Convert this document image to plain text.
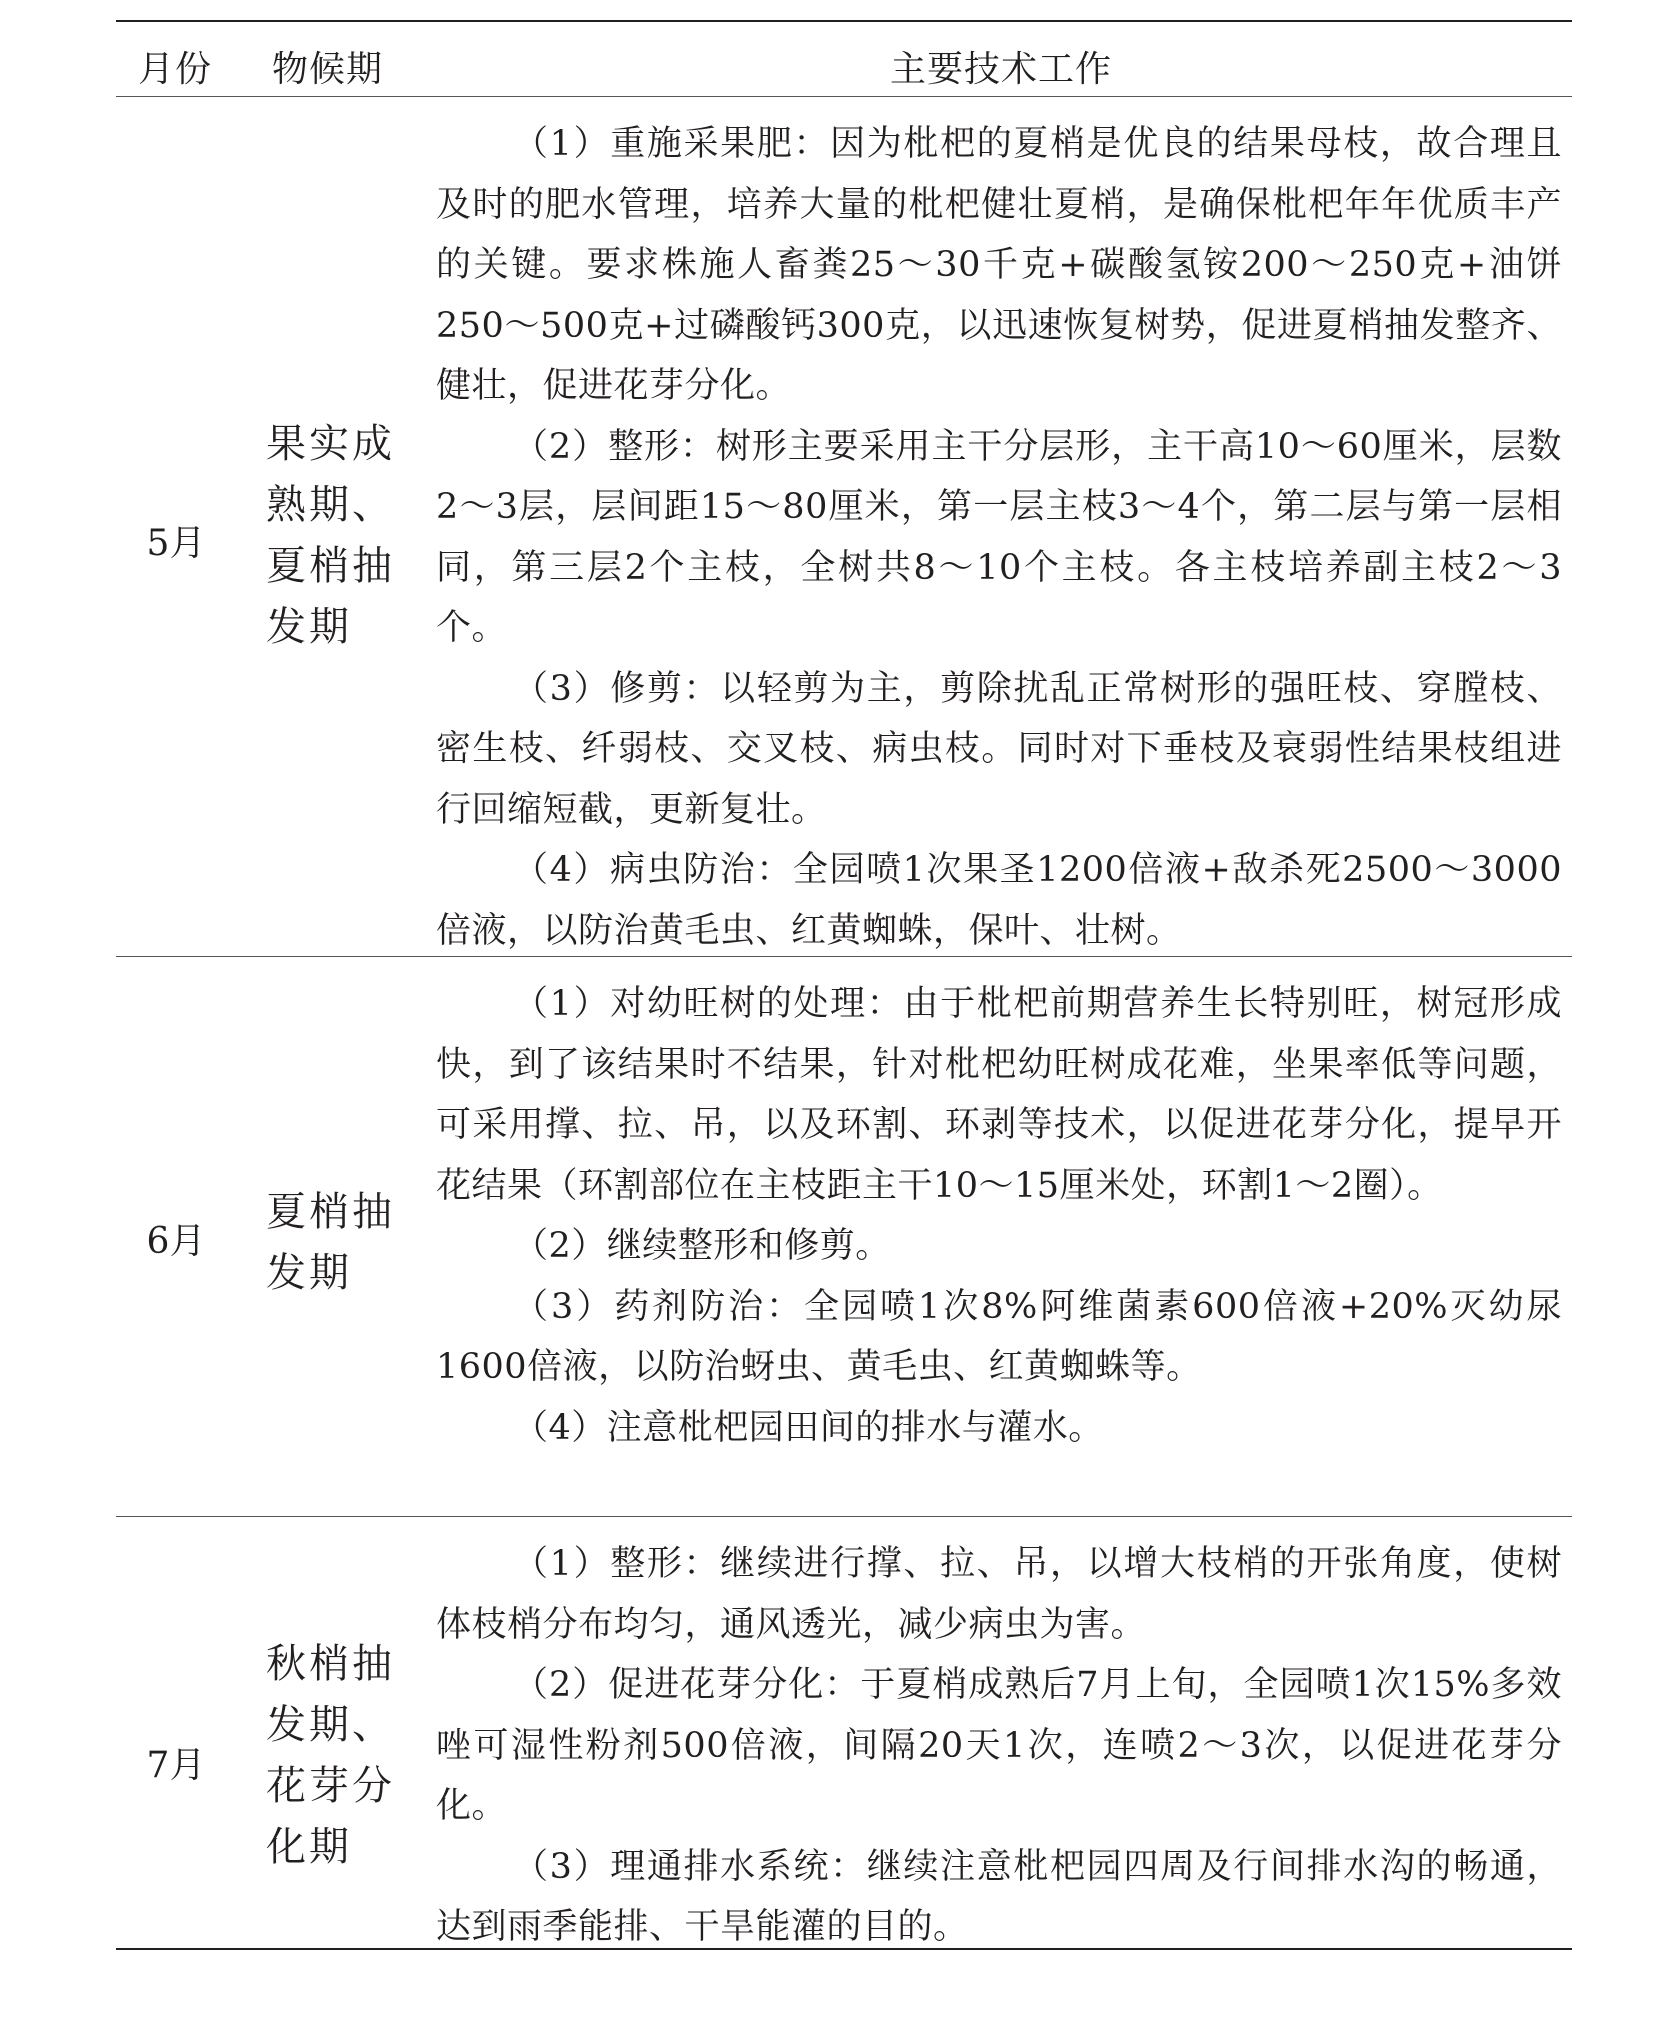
月份 物候期	主要技术工作
5月
果实成
熟期、
夏梢抽
发期

（1）重施采果肥：因为枇杷的夏梢是优良的结果母枝，故合理且及时的肥水管理，培养大量的枇杷健壮夏梢，是确保枇杷年年优质丰产的关键。要求株施人畜粪25～30千克+碳酸氢铵200～250克+油饼250～500克+过磷酸钙300克，以迅速恢复树势，促进夏梢抽发整齐、健壮，促进花芽分化。

（2）整形：树形主要采用主干分层形，主干高10～60厘米，层数2～3层，层间距15～80厘米，第一层主枝3～4个，第二层与第一层相同，第三层2个主枝，全树共8～10个主枝。各主枝培养副主枝2～3个。

（3）修剪：以轻剪为主，剪除扰乱正常树形的强旺枝、穿膛枝、密生枝、纤弱枝、交叉枝、病虫枝。同时对下垂枝及衰弱性结果枝组进行回缩短截，更新复壮。

（4）病虫防治：全园喷1次果圣1200倍液+敌杀死2500～3000倍液，以防治黄毛虫、红黄蜘蛛，保叶、壮树。

6月
夏梢抽
发期

（1）对幼旺树的处理：由于枇杷前期营养生长特别旺，树冠形成快，到了该结果时不结果，针对枇杷幼旺树成花难，坐果率低等问题，可采用撑、拉、吊，以及环割、环剥等技术，以促进花芽分化，提早开花结果（环割部位在主枝距主干10～15厘米处，环割1～2圈）。

（2）继续整形和修剪。

（3）药剂防治：全园喷1次8%阿维菌素600倍液+20%灭幼尿1600倍液，以防治蚜虫、黄毛虫、红黄蜘蛛等。

（4）注意枇杷园田间的排水与灌水。

7月
秋梢抽
发期、
花芽分
化期

（1）整形：继续进行撑、拉、吊，以增大枝梢的开张角度，使树体枝梢分布均匀，通风透光，减少病虫为害。

（2）促进花芽分化：于夏梢成熟后7月上旬，全园喷1次15%多效唑可湿性粉剂500倍液，间隔20天1次，连喷2～3次，以促进花芽分化。

（3）理通排水系统：继续注意枇杷园四周及行间排水沟的畅通，达到雨季能排、干旱能灌的目的。
